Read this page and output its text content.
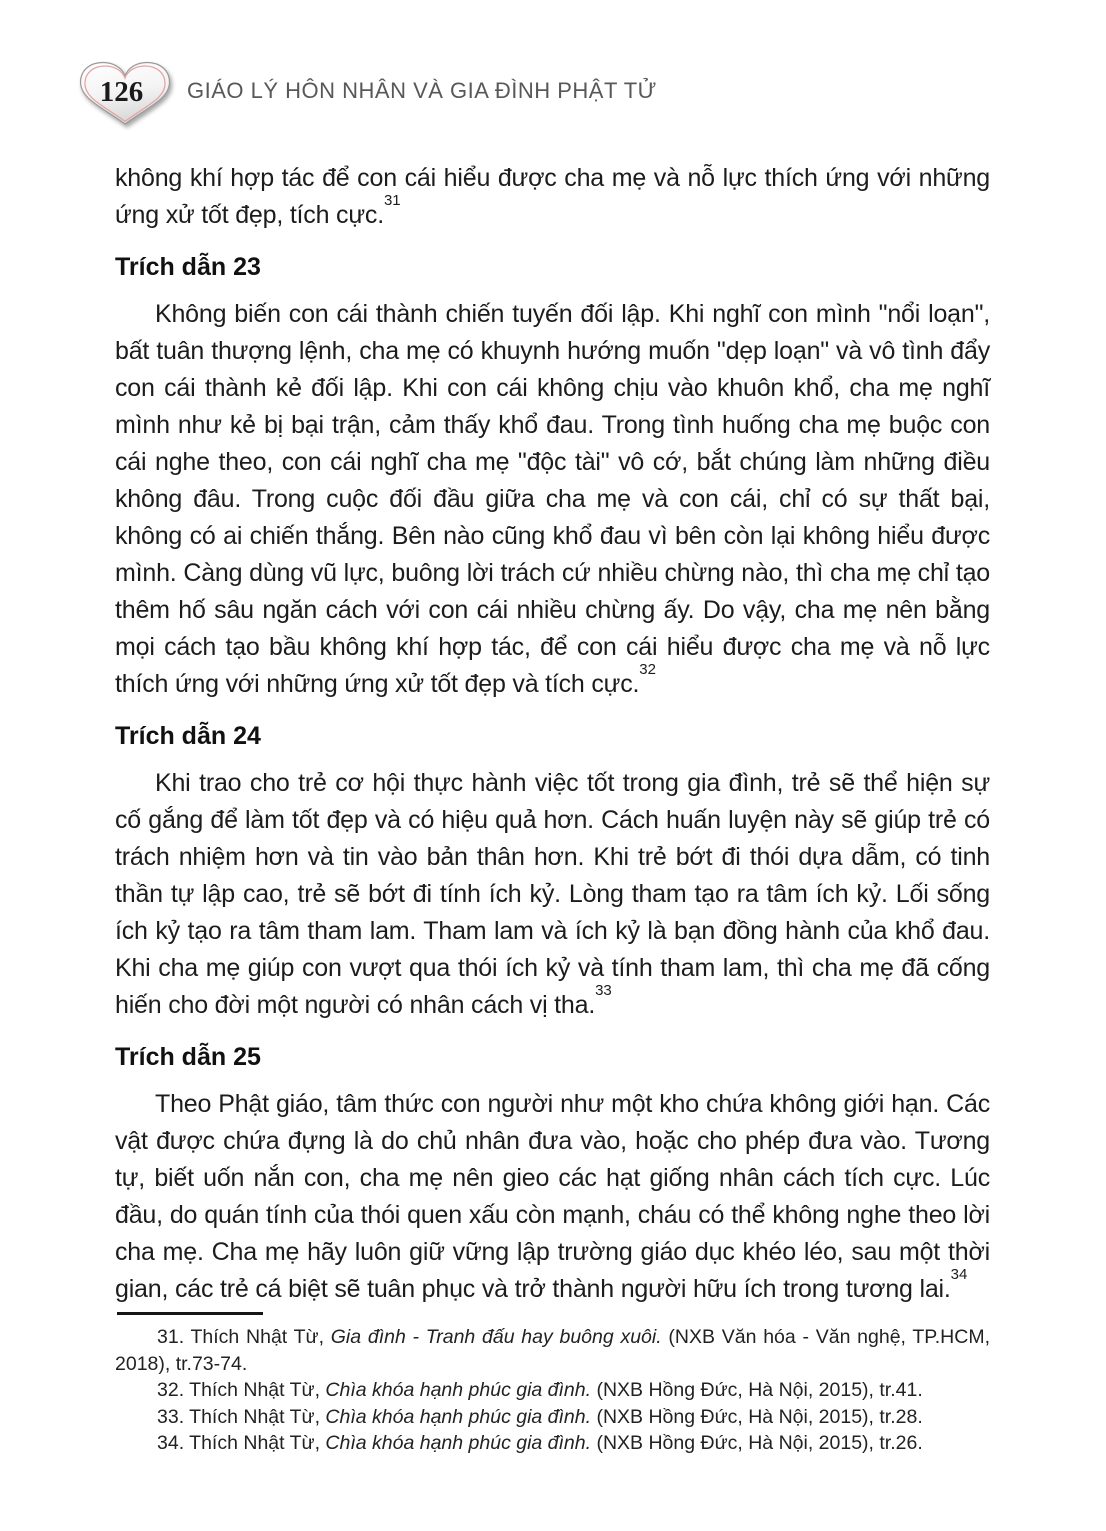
126 GIÁO LÝ HÔN NHÂN VÀ GIA ĐÌNH PHẬT TỬ

không khí hợp tác để con cái hiểu được cha mẹ và nỗ lực thích ứng với những ứng xử tốt đẹp, tích cực.$^{31}$

Trích dẫn 23

Không biến con cái thành chiến tuyến đối lập. Khi nghĩ con mình "nổi loạn", bất tuân thượng lệnh, cha mẹ có khuynh hướng muốn "dẹp loạn" và vô tình đẩy con cái thành kẻ đối lập. Khi con cái không chịu vào khuôn khổ, cha mẹ nghĩ mình như kẻ bị bại trận, cảm thấy khổ đau. Trong tình huống cha mẹ buộc con cái nghe theo, con cái nghĩ cha mẹ "độc tài" vô cớ, bắt chúng làm những điều không đâu. Trong cuộc đối đầu giữa cha mẹ và con cái, chỉ có sự thất bại, không có ai chiến thắng. Bên nào cũng khổ đau vì bên còn lại không hiểu được mình. Càng dùng vũ lực, buông lời trách cứ nhiều chừng nào, thì cha mẹ chỉ tạo thêm hố sâu ngăn cách với con cái nhiều chừng ấy. Do vậy, cha mẹ nên bằng mọi cách tạo bầu không khí hợp tác, để con cái hiểu được cha mẹ và nỗ lực thích ứng với những ứng xử tốt đẹp và tích cực.$^{32}$

Trích dẫn 24

Khi trao cho trẻ cơ hội thực hành việc tốt trong gia đình, trẻ sẽ thể hiện sự cố gắng để làm tốt đẹp và có hiệu quả hơn. Cách huấn luyện này sẽ giúp trẻ có trách nhiệm hơn và tin vào bản thân hơn. Khi trẻ bớt đi thói dựa dẫm, có tinh thần tự lập cao, trẻ sẽ bớt đi tính ích kỷ. Lòng tham tạo ra tâm ích kỷ. Lối sống ích kỷ tạo ra tâm tham lam. Tham lam và ích kỷ là bạn đồng hành của khổ đau. Khi cha mẹ giúp con vượt qua thói ích kỷ và tính tham lam, thì cha mẹ đã cống hiến cho đời một người có nhân cách vị tha.$^{33}$

Trích dẫn 25

Theo Phật giáo, tâm thức con người như một kho chứa không giới hạn. Các vật được chứa đựng là do chủ nhân đưa vào, hoặc cho phép đưa vào. Tương tự, biết uốn nắn con, cha mẹ nên gieo các hạt giống nhân cách tích cực. Lúc đầu, do quán tính của thói quen xấu còn mạnh, cháu có thể không nghe theo lời cha mẹ. Cha mẹ hãy luôn giữ vững lập trường giáo dục khéo léo, sau một thời gian, các trẻ cá biệt sẽ tuân phục và trở thành người hữu ích trong tương lai.$^{34}$

31. Thích Nhật Từ, Gia đình - Tranh đấu hay buông xuôi. (NXB Văn hóa - Văn nghệ, TP.HCM, 2018), tr.73-74.

32. Thích Nhật Từ, Chìa khóa hạnh phúc gia đình. (NXB Hồng Đức, Hà Nội, 2015), tr.41.

33. Thích Nhật Từ, Chìa khóa hạnh phúc gia đình. (NXB Hồng Đức, Hà Nội, 2015), tr.28.

34. Thích Nhật Từ, Chìa khóa hạnh phúc gia đình. (NXB Hồng Đức, Hà Nội, 2015), tr.26.
